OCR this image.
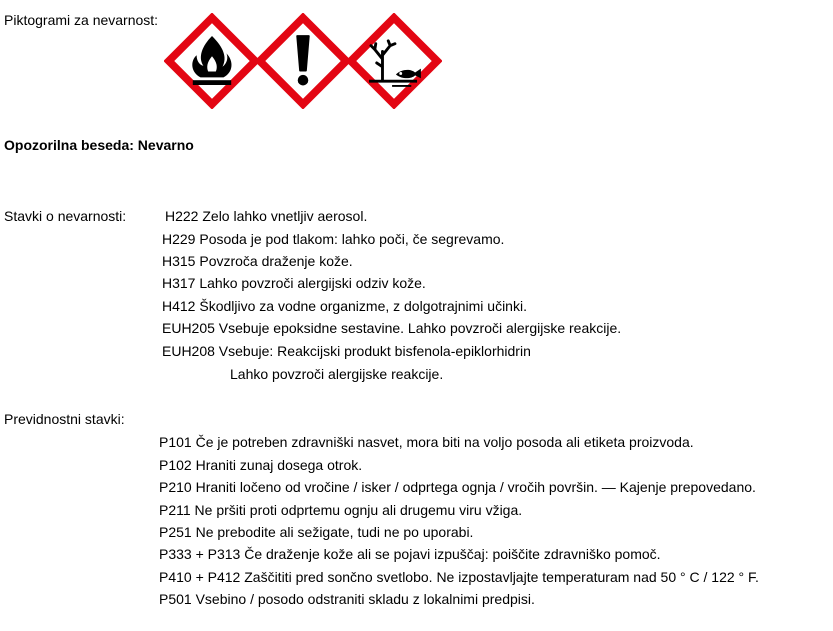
Piktogrami za nevarnost:
Opozorilna beseda: Nevarno
Stavki o nevarnosti:	H222 Zelo lahko vnetljiv aerosol.
H229 Posoda je pod tlakom: lahko poči, če segrevamo.
H315 Povzroča draženje kože.
H317 Lahko povzroči alergijski odziv kože.
H412 Škodljivo za vodne organizme, z dolgotrajnimi učinki.
EUH205 Vsebuje epoksidne sestavine. Lahko povzroči alergijske reakcije.
EUH208 Vsebuje: Reakcijski produkt bisfenola-epiklorhidrin
Lahko povzroči alergijske reakcije.
Previdnostni stavki:
P101 Če je potreben zdravniški nasvet, mora biti na voljo posoda ali etiketa proizvoda.
P102 Hraniti zunaj dosega otrok.
P210 Hraniti ločeno od vročine / isker / odprtega ognja / vročih površin. — Kajenje prepovedano.
P211 Ne pršiti proti odprtemu ognju ali drugemu viru vžiga.
P251 Ne prebodite ali sežigate, tudi ne po uporabi.
P333 + P313 Če draženje kože ali se pojavi izpuščaj: poiščite zdravniško pomoč.
P410 + P412 Zaščititi pred sončno svetlobo. Ne izpostavljajte temperaturam nad 50 ° C / 122 ° F.
P501 Vsebino / posodo odstraniti skladu z lokalnimi predpisi.
